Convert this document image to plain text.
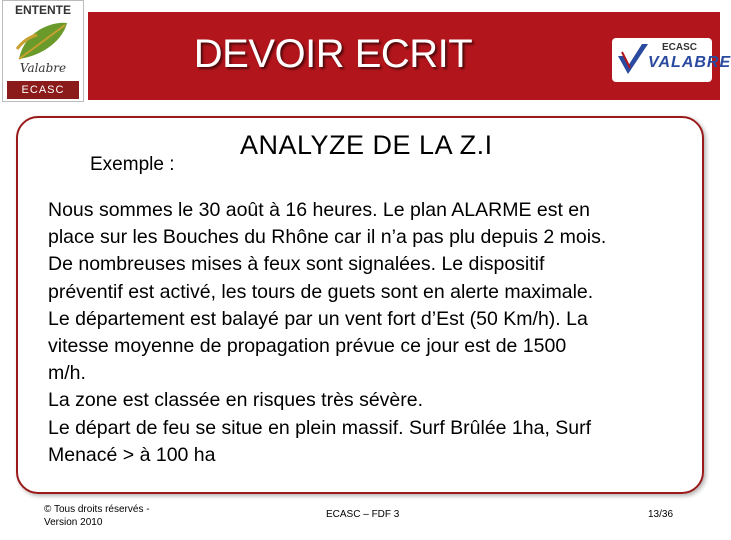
DEVOIR ECRIT
ENTENTE
Valabre
ECASC
ECASC
VALABRE
Exemple :
ANALYZE DE LA Z.I
Nous sommes le 30 août à 16 heures. Le plan ALARME est en
place sur les Bouches du Rhône car il n’a pas plu depuis 2 mois.
De nombreuses mises à feux sont signalées. Le dispositif
préventif est activé, les tours de guets sont en alerte maximale.
Le département est balayé par un vent fort d’Est (50 Km/h). La
vitesse moyenne de propagation prévue ce jour est de 1500
m/h.
La zone est classée en risques très sévère.
Le départ de feu se situe en plein massif. Surf Brûlée 1ha, Surf
Menacé > à 100 ha
© Tous droits réservés -
Version 2010
ECASC – FDF 3	13/36
